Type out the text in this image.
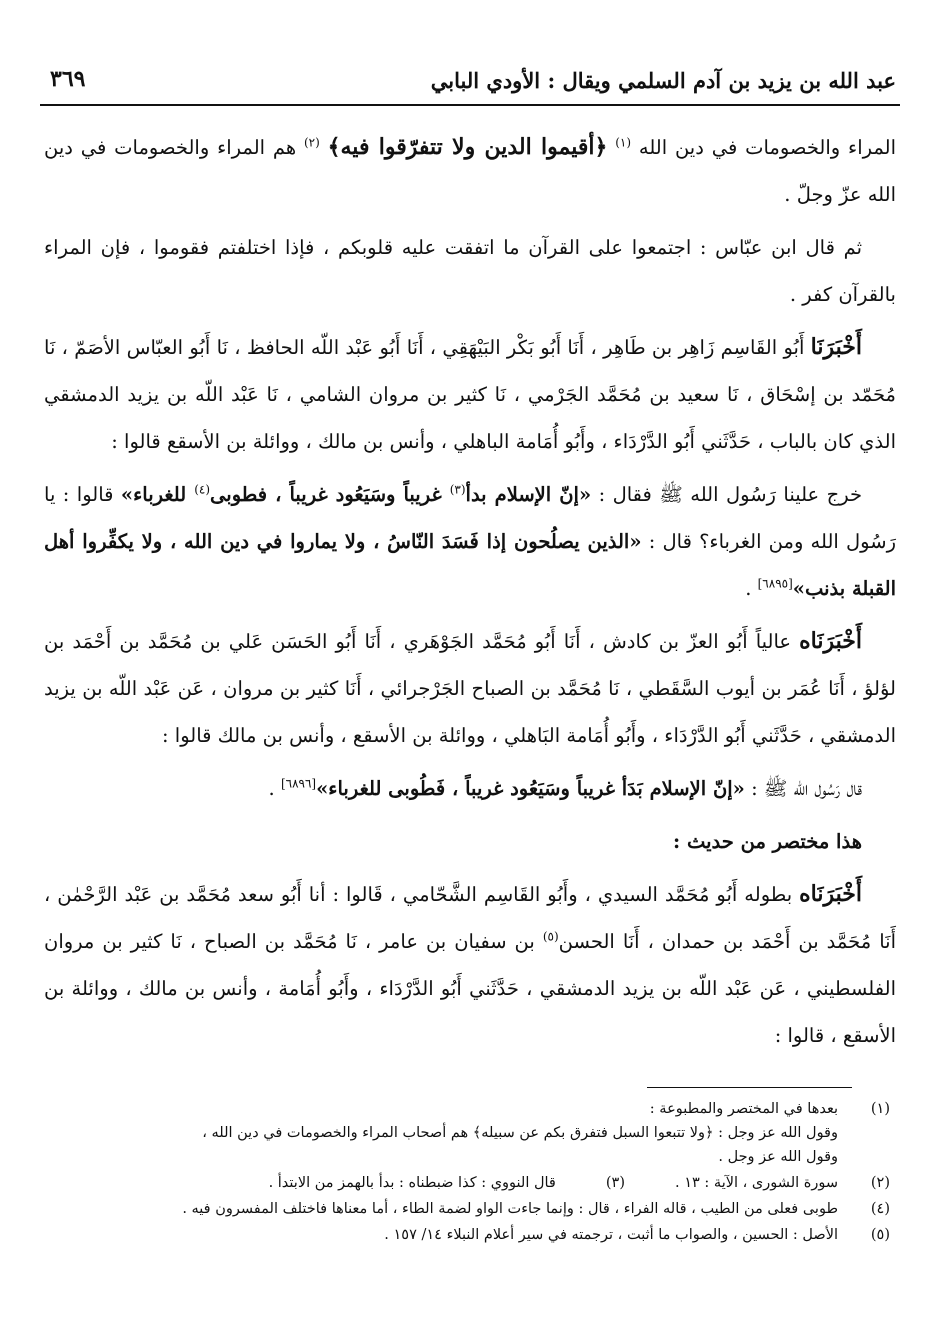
عبد الله بن يزيد بن آدم السلمي ويقال : الأودي البابي
٣٦٩

المراء والخصومات في دين الله $^{(١)}$ ﴿أقيموا الدين ولا تتفرّقوا فيه﴾ $^{(٢)}$ هم المراء والخصومات في دين الله عزّ وجلّ .

ثم قال ابن عبّاس : اجتمعوا على القرآن ما اتفقت عليه قلوبكم ، فإذا اختلفتم فقوموا ، فإن المراء بالقرآن كفر .

أَخْبَرَنَا أَبُو القَاسِم زَاهِر بن طَاهِر ، أَنَا أَبُو بَكْر البَيْهَقِي ، أَنَا أَبُو عَبْد اللّه الحافظ ، نَا أَبُو العبّاس الأصَمّ ، نَا مُحَمّد بن إسْحَاق ، نَا سعيد بن مُحَمَّد الجَرْمي ، نَا كثير بن مروان الشامي ، نَا عَبْد اللّه بن يزيد الدمشقي الذي كان بالباب ، حَدَّثَني أَبُو الدَّرْدَاء ، وأَبُو أُمَامة الباهلي ، وأنس بن مالك ، ووائلة بن الأسقع قالوا :

خرج علينا رَسُول الله ﷺ فقال : «إنّ الإسلام بدأ$^{(٣)}$ غريباً وسَيَعُود غريباً ، فطوبى$^{(٤)}$ للغرباء» قالوا : يا رَسُول الله ومن الغرباء؟ قال : «الذين يصلُحون إذا فَسَدَ النّاسُ ، ولا يماروا في دين الله ، ولا يكفِّروا أهل القبلة بذنب»[٦٨٩٥] .

أَخْبَرَنَاه عالياً أَبُو العزّ بن كادش ، أَنَا أَبُو مُحَمَّد الجَوْهَري ، أَنَا أَبُو الحَسَن عَلي بن مُحَمَّد بن أَحْمَد بن لؤلؤ ، أَنَا عُمَر بن أيوب السَّقَطي ، نَا مُحَمَّد بن الصباح الجَرْجرائي ، أَنَا كثير بن مروان ، عَن عَبْد اللّه بن يزيد الدمشقي ، حَدَّثَني أَبُو الدَّرْدَاء ، وأَبُو أُمَامة البَاهلي ، ووائلة بن الأسقع ، وأنس بن مالك قالوا :

قال رَسُول الله ﷺ : «إنّ الإسلام بَدَأ غريباً وسَيَعُود غريباً ، فَطُوبى للغرباء»[٦٨٩٦] .

هذا مختصر من حديث :

أَخْبَرَنَاه بطوله أَبُو مُحَمَّد السيدي ، وأَبُو القَاسِم الشَّحّامي ، قَالوا : أنا أَبُو سعد مُحَمَّد بن عَبْد الرَّحْمٰن ، أَنَا مُحَمَّد بن أَحْمَد بن حمدان ، أَنَا الحسن$^{(٥)}$ بن سفيان بن عامر ، نَا مُحَمَّد بن الصباح ، نَا كثير بن مروان الفلسطيني ، عَن عَبْد اللّه بن يزيد الدمشقي ، حَدَّثَني أَبُو الدَّرْدَاء ، وأَبُو أُمَامة ، وأنس بن مالك ، ووائلة بن الأسقع ، قالوا :

(١)
بعدها في المختصر والمطبوعة :
وقول الله عز وجل : ﴿ولا تتبعوا السبل فتفرق بكم عن سبيله﴾ هم أصحاب المراء والخصومات في دين الله ،
وقول الله عز وجل .
(٢)
سورة الشورى ، الآية : ١٣ .
(٣)
قال النووي : كذا ضبطناه : بدأ بالهمز من الابتدأ .
(٤)
طوبى فعلى من الطيب ، قاله الفراء ، قال : وإنما جاءت الواو لضمة الطاء ، أما معناها فاختلف المفسرون فيه .
(٥)
الأصل : الحسين ، والصواب ما أثبت ، ترجمته في سير أعلام النبلاء ١٤/ ١٥٧ .
